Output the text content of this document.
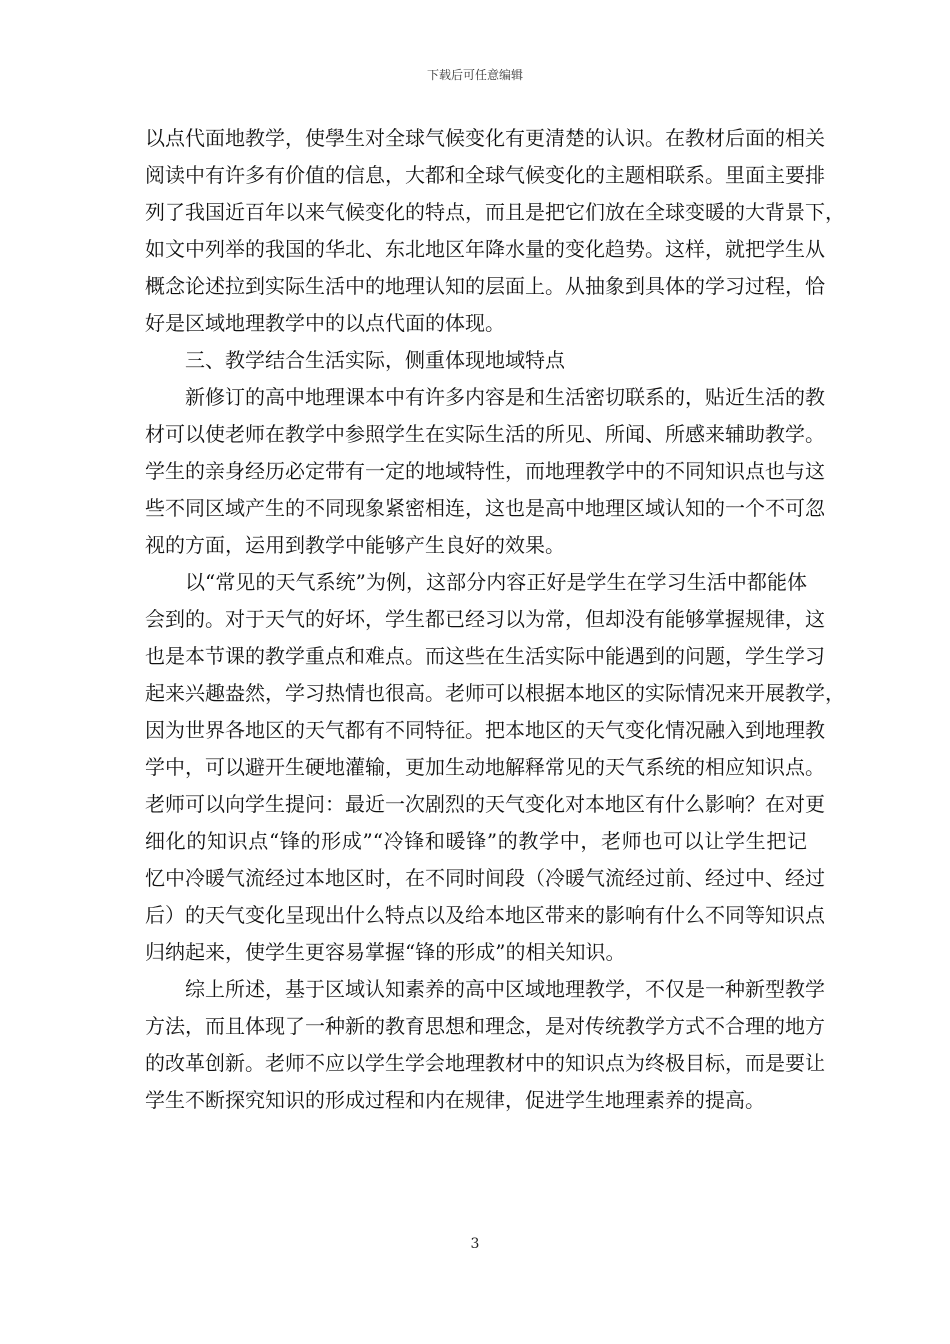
下载后可任意编辑
以点代面地教学，使學生对全球气候变化有更清楚的认识。在教材后面的相关
阅读中有许多有价值的信息，大都和全球气候变化的主题相联系。里面主要排
列了我国近百年以来气候变化的特点，而且是把它们放在全球变暖的大背景下，
如文中列举的我国的华北、东北地区年降水量的变化趋势。这样，就把学生从
概念论述拉到实际生活中的地理认知的层面上。从抽象到具体的学习过程，恰
好是区域地理教学中的以点代面的体现。
三、教学结合生活实际，侧重体现地域特点
新修订的高中地理课本中有许多内容是和生活密切联系的，贴近生活的教
材可以使老师在教学中参照学生在实际生活的所见、所闻、所感来辅助教学。
学生的亲身经历必定带有一定的地域特性，而地理教学中的不同知识点也与这
些不同区域产生的不同现象紧密相连，这也是高中地理区域认知的一个不可忽
视的方面，运用到教学中能够产生良好的效果。
以“常见的天气系统”为例，这部分内容正好是学生在学习生活中都能体
会到的。对于天气的好坏，学生都已经习以为常，但却没有能够掌握规律，这
也是本节课的教学重点和难点。而这些在生活实际中能遇到的问题，学生学习
起来兴趣盎然，学习热情也很高。老师可以根据本地区的实际情况来开展教学，
因为世界各地区的天气都有不同特征。把本地区的天气变化情况融入到地理教
学中，可以避开生硬地灌输，更加生动地解释常见的天气系统的相应知识点。
老师可以向学生提问：最近一次剧烈的天气变化对本地区有什么影响？在对更
细化的知识点“锋的形成”“冷锋和暖锋”的教学中，老师也可以让学生把记
忆中冷暖气流经过本地区时，在不同时间段（冷暖气流经过前、经过中、经过
后）的天气变化呈现出什么特点以及给本地区带来的影响有什么不同等知识点
归纳起来，使学生更容易掌握“锋的形成”的相关知识。
综上所述，基于区域认知素养的高中区域地理教学，不仅是一种新型教学
方法，而且体现了一种新的教育思想和理念，是对传统教学方式不合理的地方
的改革创新。老师不应以学生学会地理教材中的知识点为终极目标，而是要让
学生不断探究知识的形成过程和内在规律，促进学生地理素养的提高。
3
